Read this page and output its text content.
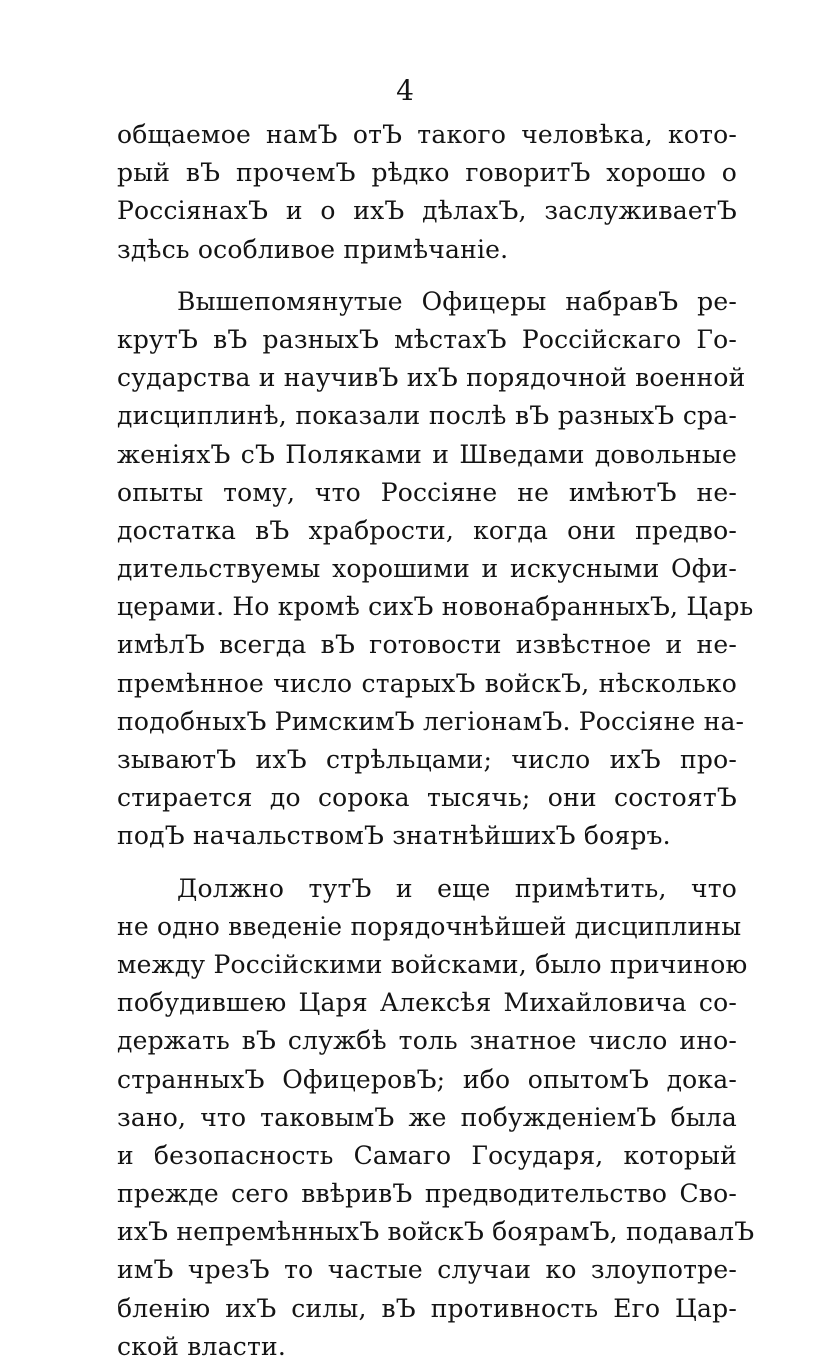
4
общаемое намЪ отЪ такого человѣка, кото-
рый вЪ прочемЪ рѣдко говоритЪ хорошо о
РоссіянахЪ и о ихЪ дѣлахЪ, заслуживаетЪ
здѣсь особливое примѣчаніе.
Вышепомянутые Офицеры набравЪ ре-
крутЪ вЪ разныхЪ мѣстахЪ Россійскаго Го-
сударства и научивЪ ихЪ порядочной военной
дисциплинѣ, показали послѣ вЪ разныхЪ сра-
женіяхЪ сЪ Поляками и Шведами довольные
опыты тому, что Россіяне не имѣютЪ не-
достатка вЪ храбрости, когда они предво-
дительствуемы хорошими и искусными Офи-
церами. Но кромѣ сихЪ новонабранныхЪ, Царь
имѣлЪ всегда вЪ готовости извѣстное и не-
премѣнное число старыхЪ войскЪ, нѣсколько
подобныхЪ РимскимЪ легіонамЪ. Россіяне на-
зываютЪ ихЪ стрѣльцами; число ихЪ про-
стирается до сорока тысячь; они состоятЪ
подЪ начальствомЪ знатнѣйшихЪ бояръ.
Должно тутЪ и еще примѣтить, что
не одно введеніе порядочнѣйшей дисциплины
между Россійскими войсками, было причиною
побудившею Царя Алексѣя Михайловича со-
держать вЪ службѣ толь знатное число ино-
странныхЪ ОфицеровЪ; ибо опытомЪ дока-
зано, что таковымЪ же побужденіемЪ была
и безопасность Самаго Государя, который
прежде сего ввѣривЪ предводительство Сво-
ихЪ непремѣнныхЪ войскЪ боярамЪ, подавалЪ
имЪ чрезЪ то частые случаи ко злоупотре-
бленію ихЪ силы, вЪ противность Его Цар-
ской власти.
